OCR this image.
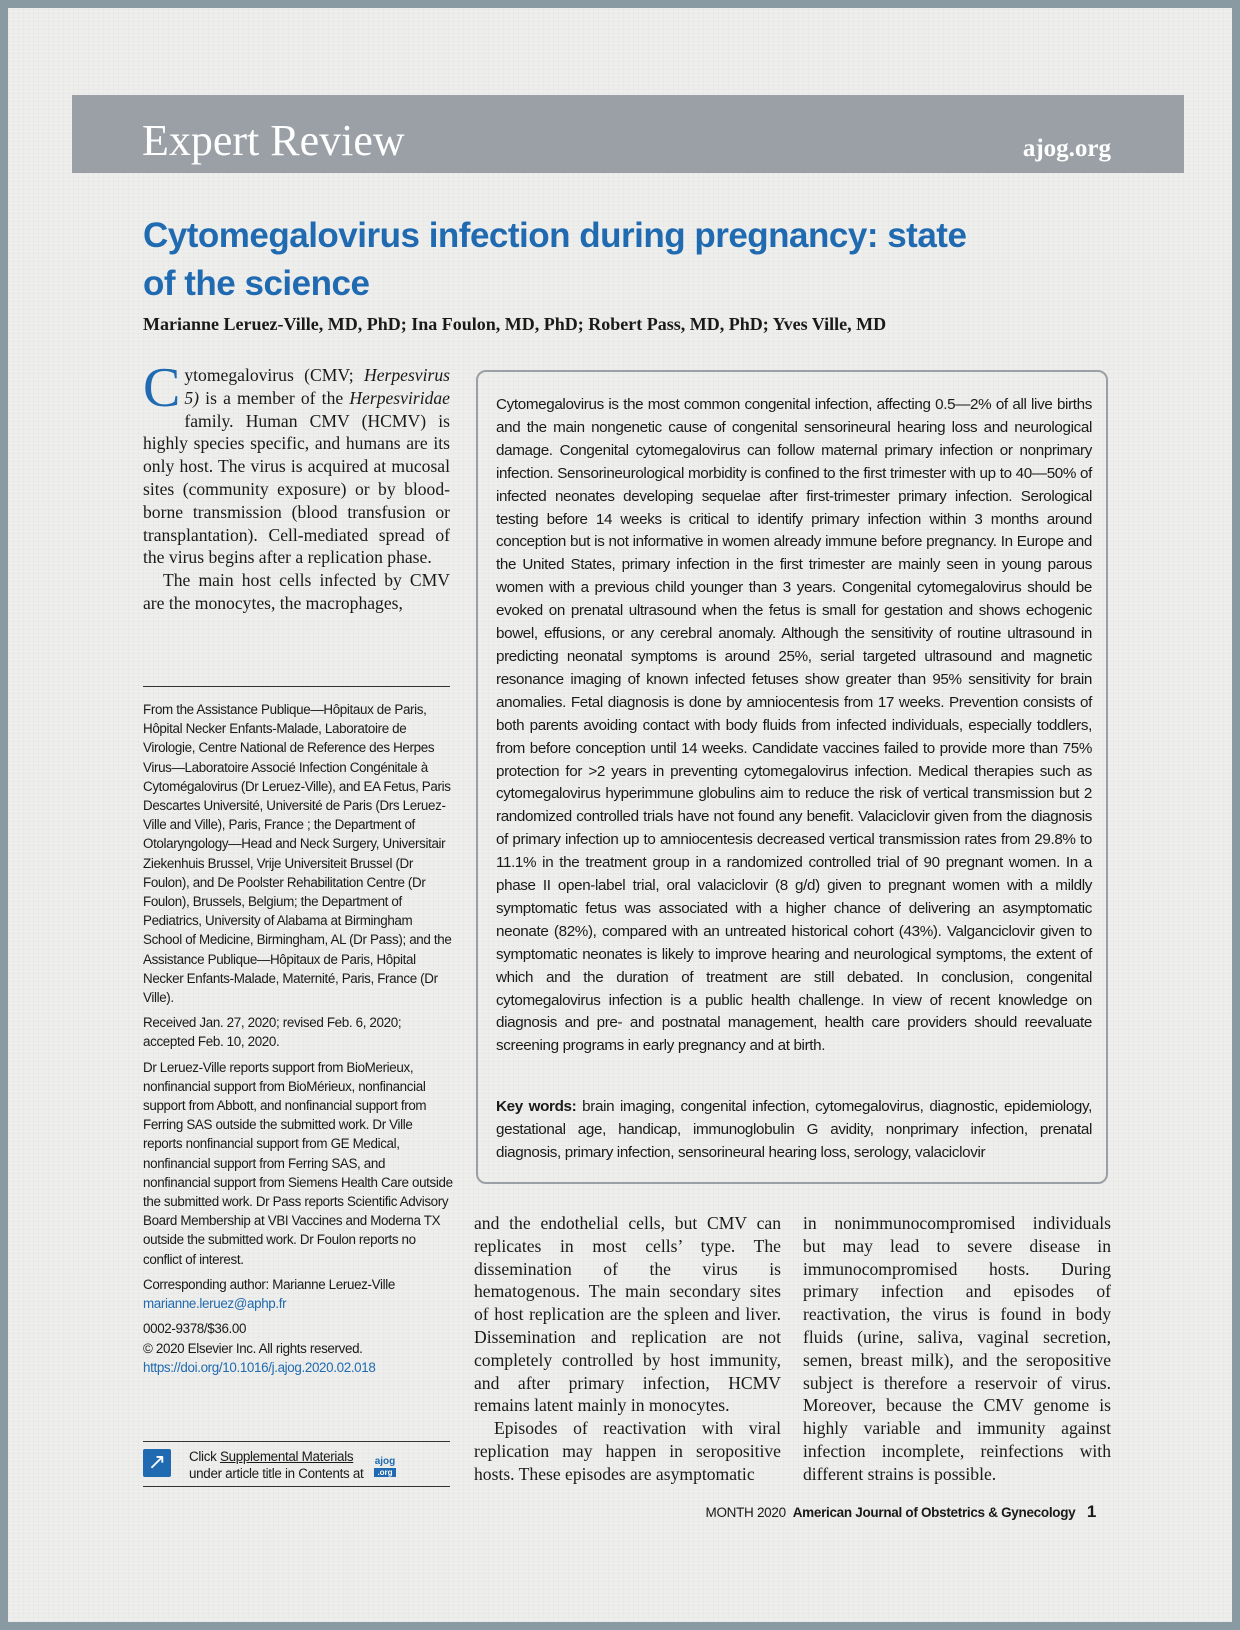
Expert Review	ajog.org
Cytomegalovirus infection during pregnancy: state of the science
Marianne Leruez-Ville, MD, PhD; Ina Foulon, MD, PhD; Robert Pass, MD, PhD; Yves Ville, MD

Cytomegalovirus (CMV; Herpesvirus 5) is a member of the Herpesviridae family. Human CMV (HCMV) is highly species specific, and humans are its only host. The virus is acquired at mucosal sites (community exposure) or by blood-borne transmission (blood transfusion or transplantation). Cell-mediated spread of the virus begins after a replication phase.

The main host cells infected by CMV are the monocytes, the macrophages,

Cytomegalovirus is the most common congenital infection, affecting 0.5—2% of all live births and the main nongenetic cause of congenital sensorineural hearing loss and neurological damage. Congenital cytomegalovirus can follow maternal primary infection or nonprimary infection. Sensorineurological morbidity is confined to the first trimester with up to 40—50% of infected neonates developing sequelae after first-trimester primary infection. Serological testing before 14 weeks is critical to identify primary infection within 3 months around conception but is not informative in women already immune before pregnancy. In Europe and the United States, primary infection in the first trimester are mainly seen in young parous women with a previous child younger than 3 years. Congenital cytomegalovirus should be evoked on prenatal ultrasound when the fetus is small for gestation and shows echogenic bowel, effusions, or any cerebral anomaly. Although the sensitivity of routine ultrasound in predicting neonatal symptoms is around 25%, serial targeted ultrasound and magnetic resonance imaging of known infected fetuses show greater than 95% sensitivity for brain anomalies. Fetal diagnosis is done by amniocentesis from 17 weeks. Prevention consists of both parents avoiding contact with body fluids from infected individuals, especially toddlers, from before conception until 14 weeks. Candidate vaccines failed to provide more than 75% protection for >2 years in preventing cytomegalovirus infection. Medical therapies such as cytomegalovirus hyperimmune globulins aim to reduce the risk of vertical transmission but 2 randomized controlled trials have not found any benefit. Valaciclovir given from the diagnosis of primary infection up to amniocentesis decreased vertical transmission rates from 29.8% to 11.1% in the treatment group in a randomized controlled trial of 90 pregnant women. In a phase II open-label trial, oral valaciclovir (8 g/d) given to pregnant women with a mildly symptomatic fetus was associated with a higher chance of delivering an asymptomatic neonate (82%), compared with an untreated historical cohort (43%). Valganciclovir given to symptomatic neonates is likely to improve hearing and neurological symptoms, the extent of which and the duration of treatment are still debated. In conclusion, congenital cytomegalovirus infection is a public health challenge. In view of recent knowledge on diagnosis and pre- and postnatal management, health care providers should reevaluate screening programs in early pregnancy and at birth.
Key words: brain imaging, congenital infection, cytomegalovirus, diagnostic, epidemiology, gestational age, handicap, immunoglobulin G avidity, nonprimary infection, prenatal diagnosis, primary infection, sensorineural hearing loss, serology, valaciclovir

From the Assistance Publique—Hôpitaux de Paris, Hôpital Necker Enfants-Malade, Laboratoire de Virologie, Centre National de Reference des Herpes Virus—Laboratoire Associé Infection Congénitale à Cytomégalovirus (Dr Leruez-Ville), and EA Fetus, Paris Descartes Université, Université de Paris (Drs Leruez-Ville and Ville), Paris, France ; the Department of Otolaryngology—Head and Neck Surgery, Universitair Ziekenhuis Brussel, Vrije Universiteit Brussel (Dr Foulon), and De Poolster Rehabilitation Centre (Dr Foulon), Brussels, Belgium; the Department of Pediatrics, University of Alabama at Birmingham School of Medicine, Birmingham, AL (Dr Pass); and the Assistance Publique—Hôpitaux de Paris, Hôpital Necker Enfants-Malade, Maternité, Paris, France (Dr Ville).

Received Jan. 27, 2020; revised Feb. 6, 2020; accepted Feb. 10, 2020.

Dr Leruez-Ville reports support from BioMerieux, nonfinancial support from BioMérieux, nonfinancial support from Abbott, and nonfinancial support from Ferring SAS outside the submitted work. Dr Ville reports nonfinancial support from GE Medical, nonfinancial support from Ferring SAS, and nonfinancial support from Siemens Health Care outside the submitted work. Dr Pass reports Scientific Advisory Board Membership at VBI Vaccines and Moderna TX outside the submitted work. Dr Foulon reports no conflict of interest.

Corresponding author: Marianne Leruez-Ville
marianne.leruez@aphp.fr

0002-9378/$36.00
© 2020 Elsevier Inc. All rights reserved.
https://doi.org/10.1016/j.ajog.2020.02.018

↗	Click Supplemental Materials
under article title in Contents at
ajog
.org

and the endothelial cells, but CMV can replicates in most cells’ type. The dissemination of the virus is hematogenous. The main secondary sites of host replication are the spleen and liver. Dissemination and replication are not completely controlled by host immunity, and after primary infection, HCMV remains latent mainly in monocytes.

Episodes of reactivation with viral replication may happen in seropositive hosts. These episodes are asymptomatic

in nonimmunocompromised individuals but may lead to severe disease in immunocompromised hosts. During primary infection and episodes of reactivation, the virus is found in body fluids (urine, saliva, vaginal secretion, semen, breast milk), and the seropositive subject is therefore a reservoir of virus. Moreover, because the CMV genome is highly variable and immunity against infection incomplete, reinfections with different strains is possible.

MONTH 2020 American Journal of Obstetrics & Gynecology 1
